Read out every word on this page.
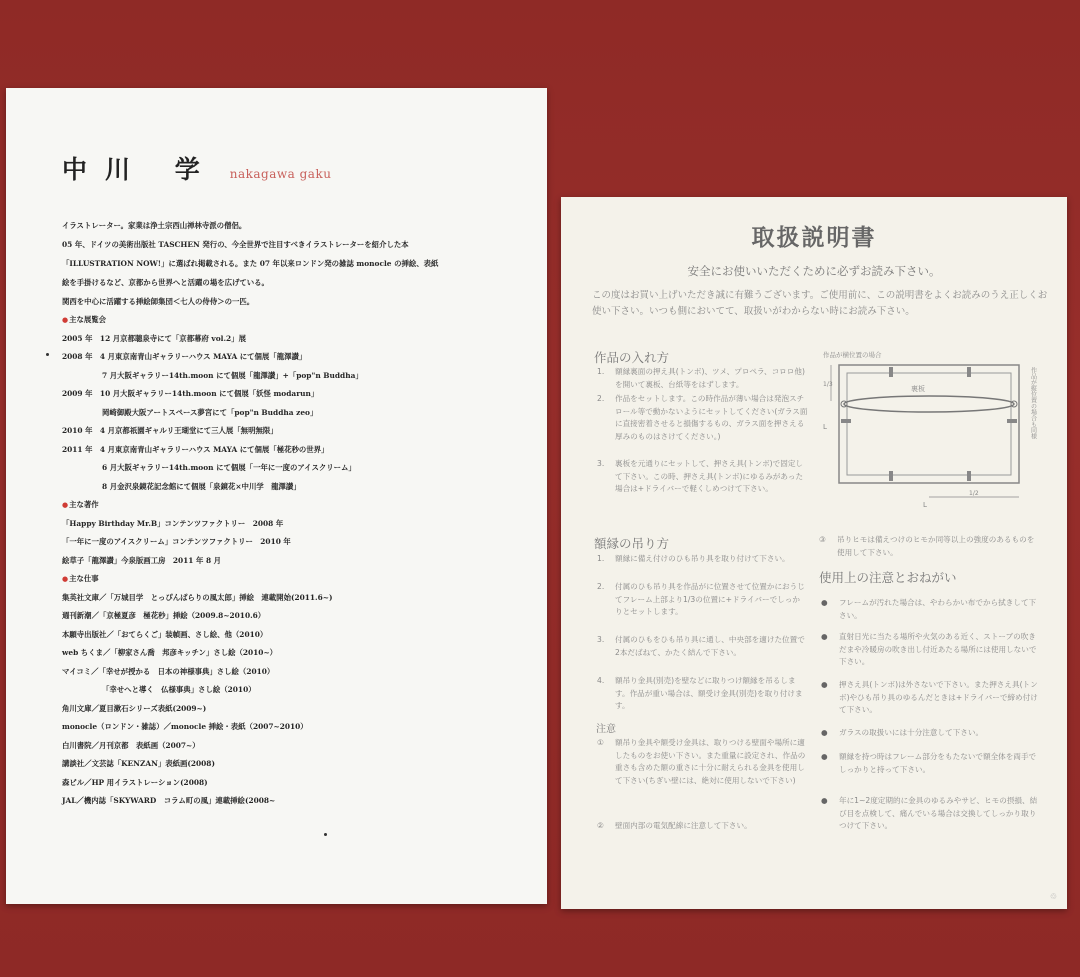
中川 学 nakagawa gaku
イラストレーター。家業は浄土宗西山禅林寺派の僧侶。
05 年、ドイツの美術出版社 TASCHEN 発行の、今全世界で注目すべきイラストレーターを紹介した本
「ILLUSTRATION NOW!」に選ばれ掲載される。また 07 年以来ロンドン発の雑誌 monocle の挿絵、表紙
絵を手掛けるなど、京都から世界へと活躍の場を広げている。
関西を中心に活躍する挿絵師集団＜七人の侍侍＞の一匹。
●主な展覧会
2005 年　12 月京都聴泉寺にて「京都幕府 vol.2」展
2008 年　4 月東京南青山ギャラリーハウス MAYA にて個展「龍澤讃」
7 月大阪ギャラリー14th.moon にて個展「龍澤讃」+「pop"n Buddha」
2009 年　10 月大阪ギャラリー14th.moon にて個展「妖怪 modarun」
岡崎御殿大阪アートスペース夢宮にて「pop"n Buddha zeo」
2010 年　4 月京都祇園ギャルリ王瑚堂にて三人展「無明無限」
2011 年　4 月東京南青山ギャラリーハウス MAYA にて個展「極花秒の世界」
6 月大阪ギャラリー14th.moon にて個展「一年に一度のアイスクリーム」
8 月金沢泉鏡花記念館にて個展「泉鏡花×中川学　龍澤讃」
●主な著作
「Happy Birthday Mr.B」コンテンツファクトリー　2008 年
「一年に一度のアイスクリーム」コンテンツファクトリー　2010 年
絵草子「龍澤讃」今泉版画工房　2011 年 8 月
●主な仕事
集英社文庫／「万城目学　とっぴんぱらりの風太郎」挿絵　連載開始(2011.6~)
週刊新潮／「京極夏彦　極花秒」挿絵（2009.8~2010.6）
本願寺出版社／「おてらくご」装幀画、さし絵、他（2010）
web ちくま／「柳家さん喬　邦彦キッチン」さし絵（2010~）
マイコミ／「幸せが授かる　日本の神様事典」さし絵（2010）
「幸せへと導く　仏様事典」さし絵（2010）
角川文庫／夏目漱石シリーズ表紙(2009~)
monocle（ロンドン・雑誌）／monocle 挿絵・表紙（2007~2010）
白川書院／月刊京都　表紙画（2007~）
講談社／文芸誌「KENZAN」表紙画(2008)
森ビル／HP 用イラストレーション(2008)
JAL／機内誌「SKYWARD　コラム町の風」連載挿絵(2008~
取扱説明書
安全にお使いいただくために必ずお読み下さい。
この度はお買い上げいただき誠に有難うございます。ご使用前に、この説明書をよくお読みのうえ正しくお使い下さい。いつも側においてて、取扱いがわからない時にお読み下さい。
作品の入れ方
1. 額縁裏面の押え具(トンボ)、ツメ、プロペラ、コロロ他)を開いて裏板、台紙等をはずします。
2. 作品をセットします。この時作品が薄い場合は発泡スチロール等で動かないようにセットしてください(ガラス面に直接密着させると損傷するもの、ガラス面を押さえる厚みのものはさけてください。)
3. 裏板を元通りにセットして、押さえ具(トンボ)で固定して下さい。この時、押さえ具(トンボ)にゆるみがあった場合は+ドライバーで軽くしめつけて下さい。
作品が横位置の場合
裏板
1/3
L
1/2
L
作品が縦位置の場合も同様
額縁の吊り方
1. 額縁に備え付けのひも吊り具を取り付けて下さい。
2. 付属のひも吊り具を作品がに位置させて位置かにおうじてフレーム上部より1/3の位置に+ドライバーでしっかりとセットします。
3. 付属のひもをひも吊り具に通し、中央部を適けた位置で2本だばねて、かたく結んで下さい。
4. 額吊り金具(別売)を壁などに取りつけ額縁を吊るします。作品が重い場合は、額受け金具(別売)を取り付けます。
注意
① 額吊り金具や額受け金具は、取りつける壁面や場所に適したものをお使い下さい。また重量に設定され、作品の重さも含めた額の重さに十分に耐えられる金具を使用して下さい(ちぎい壁には、絶対に使用しないで下さい)
② 壁面内部の電気配線に注意して下さい。
③ 吊りヒモは備えつけのヒモか同等以上の強度のあるものを使用して下さい。
使用上の注意とおねがい
● フレームが汚れた場合は、やわらかい布でから拭きして下さい。
● 直射日光に当たる場所や火気のある近く、ストーブの吹きだまや冷暖房の吹き出し付近あたる場所には使用しないで下さい。
● 押さえ具(トンボ)は外さないで下さい。また押さえ具(トンボ)やひも吊り具のゆるんだときは+ドライバーで締め付けて下さい。
● ガラスの取扱いには十分注意して下さい。
● 額縁を持つ時はフレーム部分をもたないで額全体を両手でしっかりと持って下さい。
● 年に1~2度定期的に金具のゆるみやサビ、ヒモの摂損、結び目を点検して、痛んでいる場合は交換してしっかり取りつけて下さい。
♲
